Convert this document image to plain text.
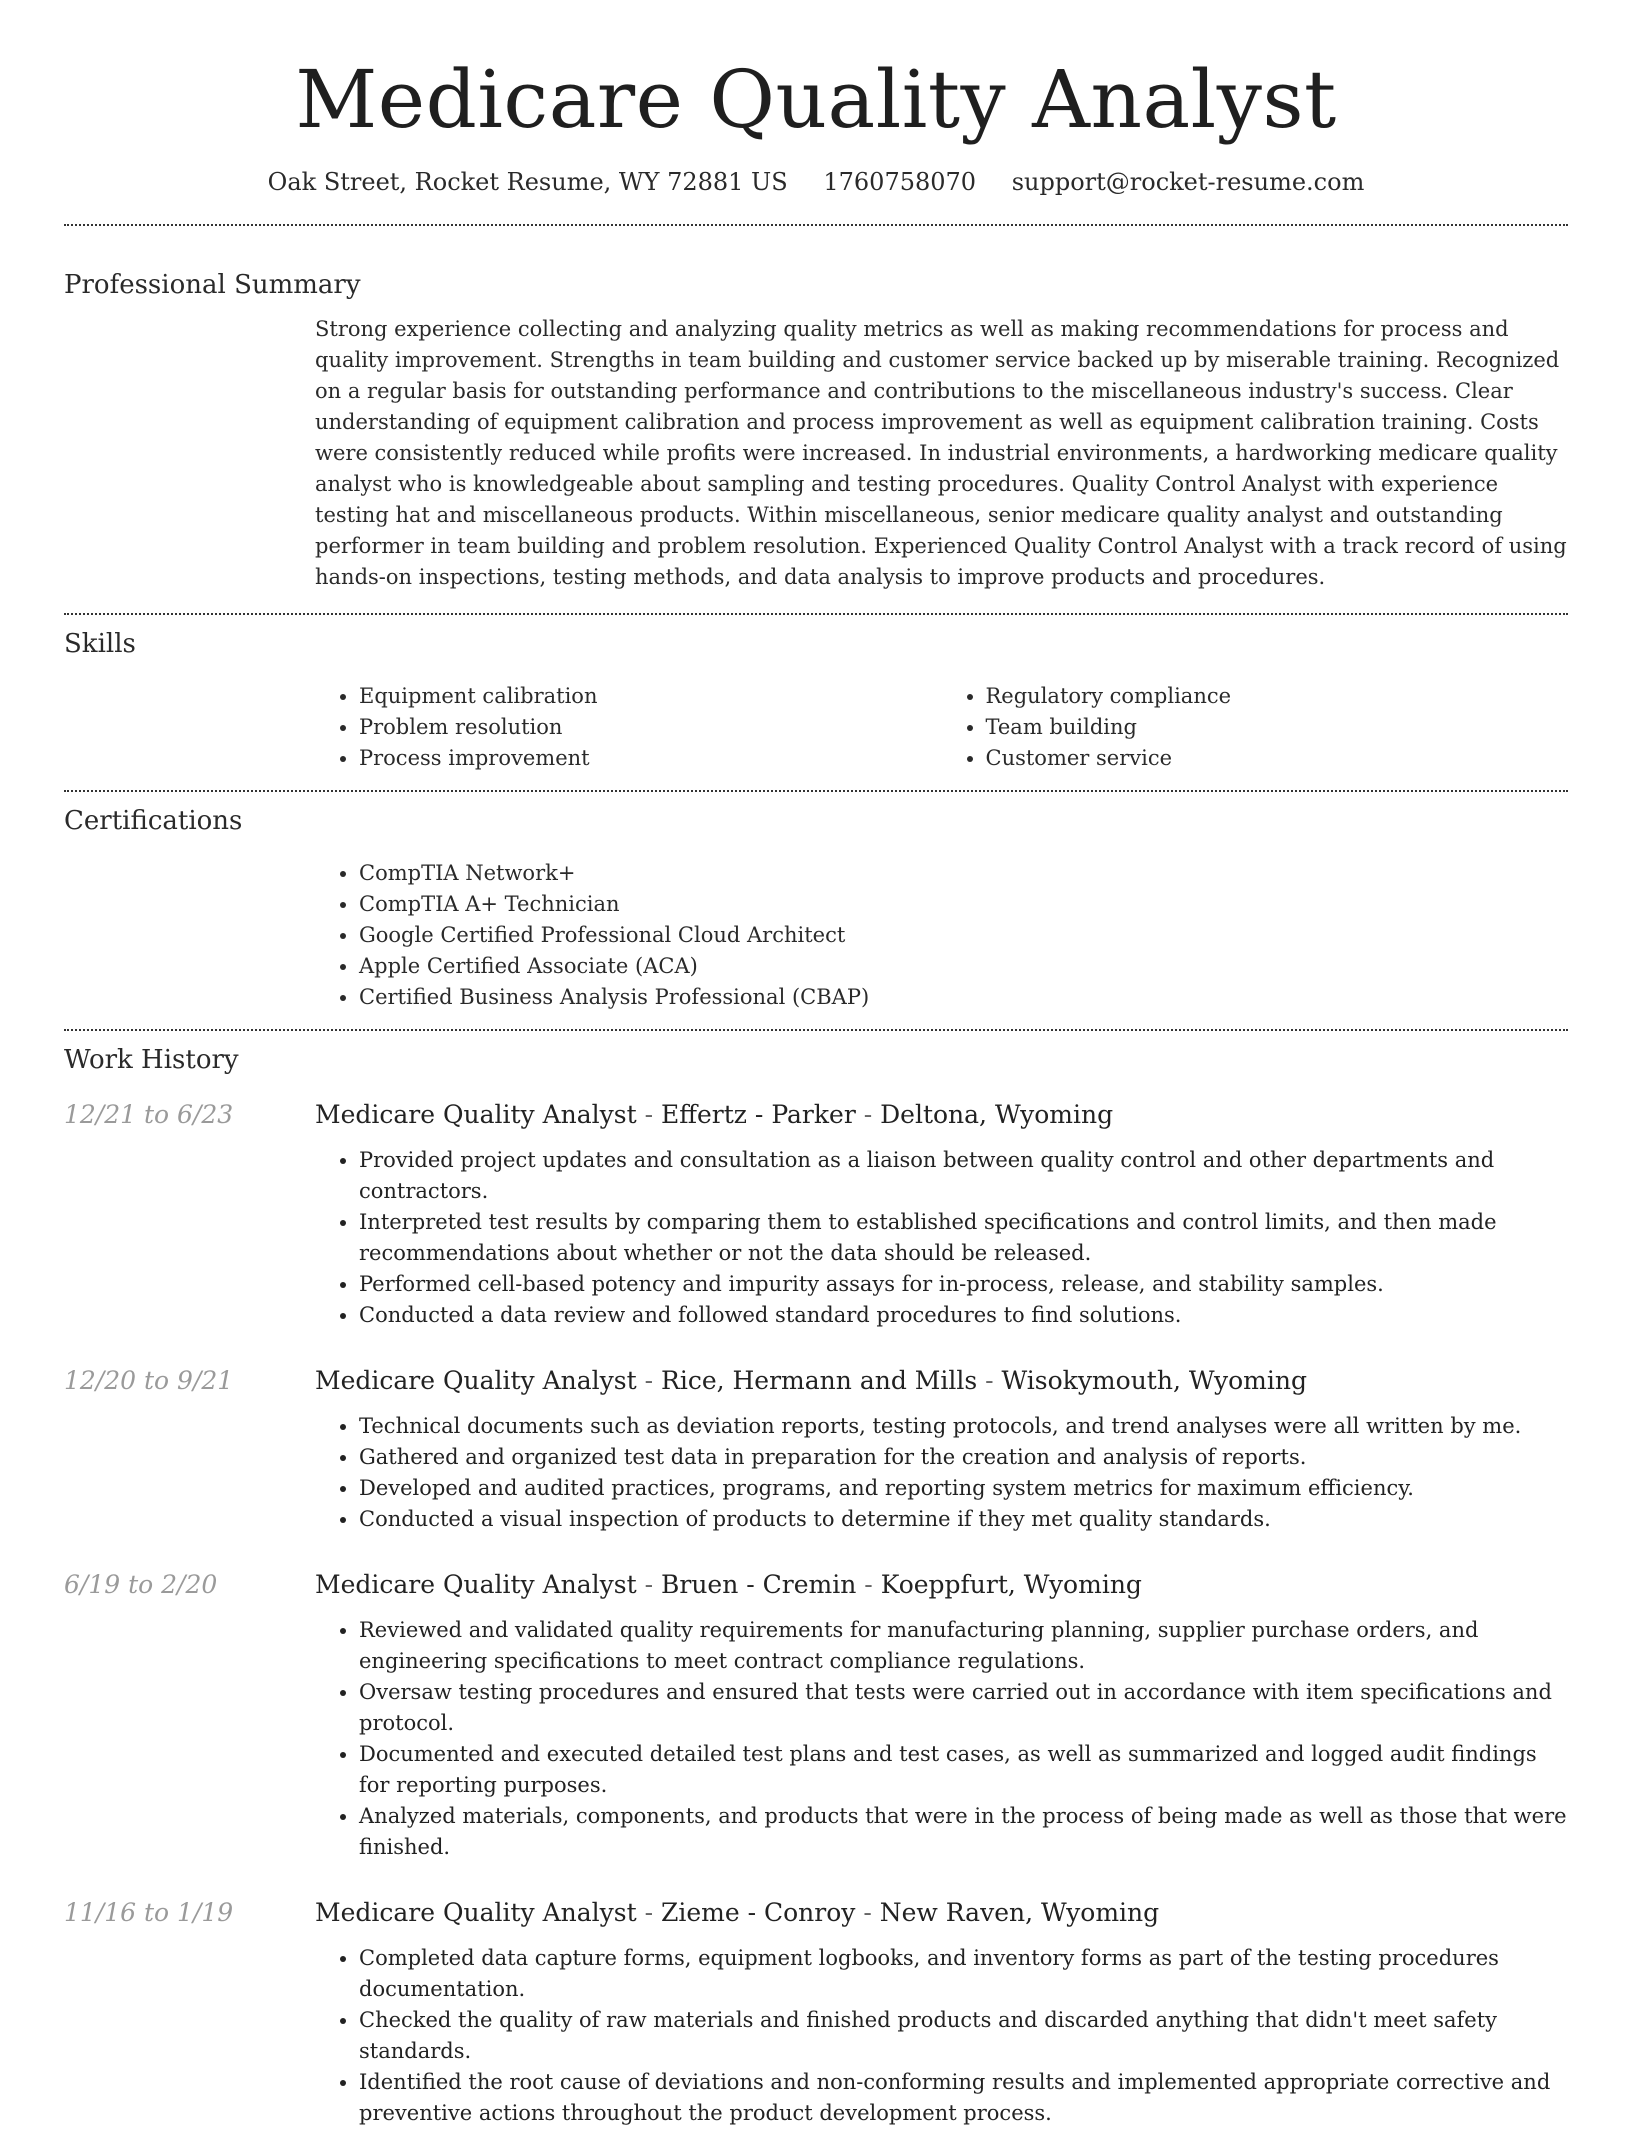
Medicare Quality Analyst
Oak Street, Rocket Resume, WY 72881 US 1760758070 support@rocket-resume.com
Professional Summary
Strong experience collecting and analyzing quality metrics as well as making recommendations for process and quality improvement. Strengths in team building and customer service backed up by miserable training. Recognized on a regular basis for outstanding performance and contributions to the miscellaneous industry's success. Clear understanding of equipment calibration and process improvement as well as equipment calibration training. Costs were consistently reduced while profits were increased. In industrial environments, a hardworking medicare quality analyst who is knowledgeable about sampling and testing procedures. Quality Control Analyst with experience testing hat and miscellaneous products. Within miscellaneous, senior medicare quality analyst and outstanding performer in team building and problem resolution. Experienced Quality Control Analyst with a track record of using hands-on inspections, testing methods, and data analysis to improve products and procedures.
Skills
• Equipment calibration
• Problem resolution
• Process improvement
• Regulatory compliance
• Team building
• Customer service
Certifications
• CompTIA Network+
• CompTIA A+ Technician
• Google Certified Professional Cloud Architect
• Apple Certified Associate (ACA)
• Certified Business Analysis Professional (CBAP)
Work History
12/21 to 6/23	Medicare Quality Analyst - Effertz - Parker - Deltona, Wyoming
• Provided project updates and consultation as a liaison between quality control and other departments and contractors.
• Interpreted test results by comparing them to established specifications and control limits, and then made recommendations about whether or not the data should be released.
• Performed cell-based potency and impurity assays for in-process, release, and stability samples.
• Conducted a data review and followed standard procedures to find solutions.
12/20 to 9/21	Medicare Quality Analyst - Rice, Hermann and Mills - Wisokymouth, Wyoming
• Technical documents such as deviation reports, testing protocols, and trend analyses were all written by me.
• Gathered and organized test data in preparation for the creation and analysis of reports.
• Developed and audited practices, programs, and reporting system metrics for maximum efficiency.
• Conducted a visual inspection of products to determine if they met quality standards.
6/19 to 2/20	Medicare Quality Analyst - Bruen - Cremin - Koeppfurt, Wyoming
• Reviewed and validated quality requirements for manufacturing planning, supplier purchase orders, and engineering specifications to meet contract compliance regulations.
• Oversaw testing procedures and ensured that tests were carried out in accordance with item specifications and protocol.
• Documented and executed detailed test plans and test cases, as well as summarized and logged audit findings for reporting purposes.
• Analyzed materials, components, and products that were in the process of being made as well as those that were finished.
11/16 to 1/19	Medicare Quality Analyst - Zieme - Conroy - New Raven, Wyoming
• Completed data capture forms, equipment logbooks, and inventory forms as part of the testing procedures documentation.
• Checked the quality of raw materials and finished products and discarded anything that didn't meet safety standards.
• Identified the root cause of deviations and non-conforming results and implemented appropriate corrective and preventive actions throughout the product development process.
